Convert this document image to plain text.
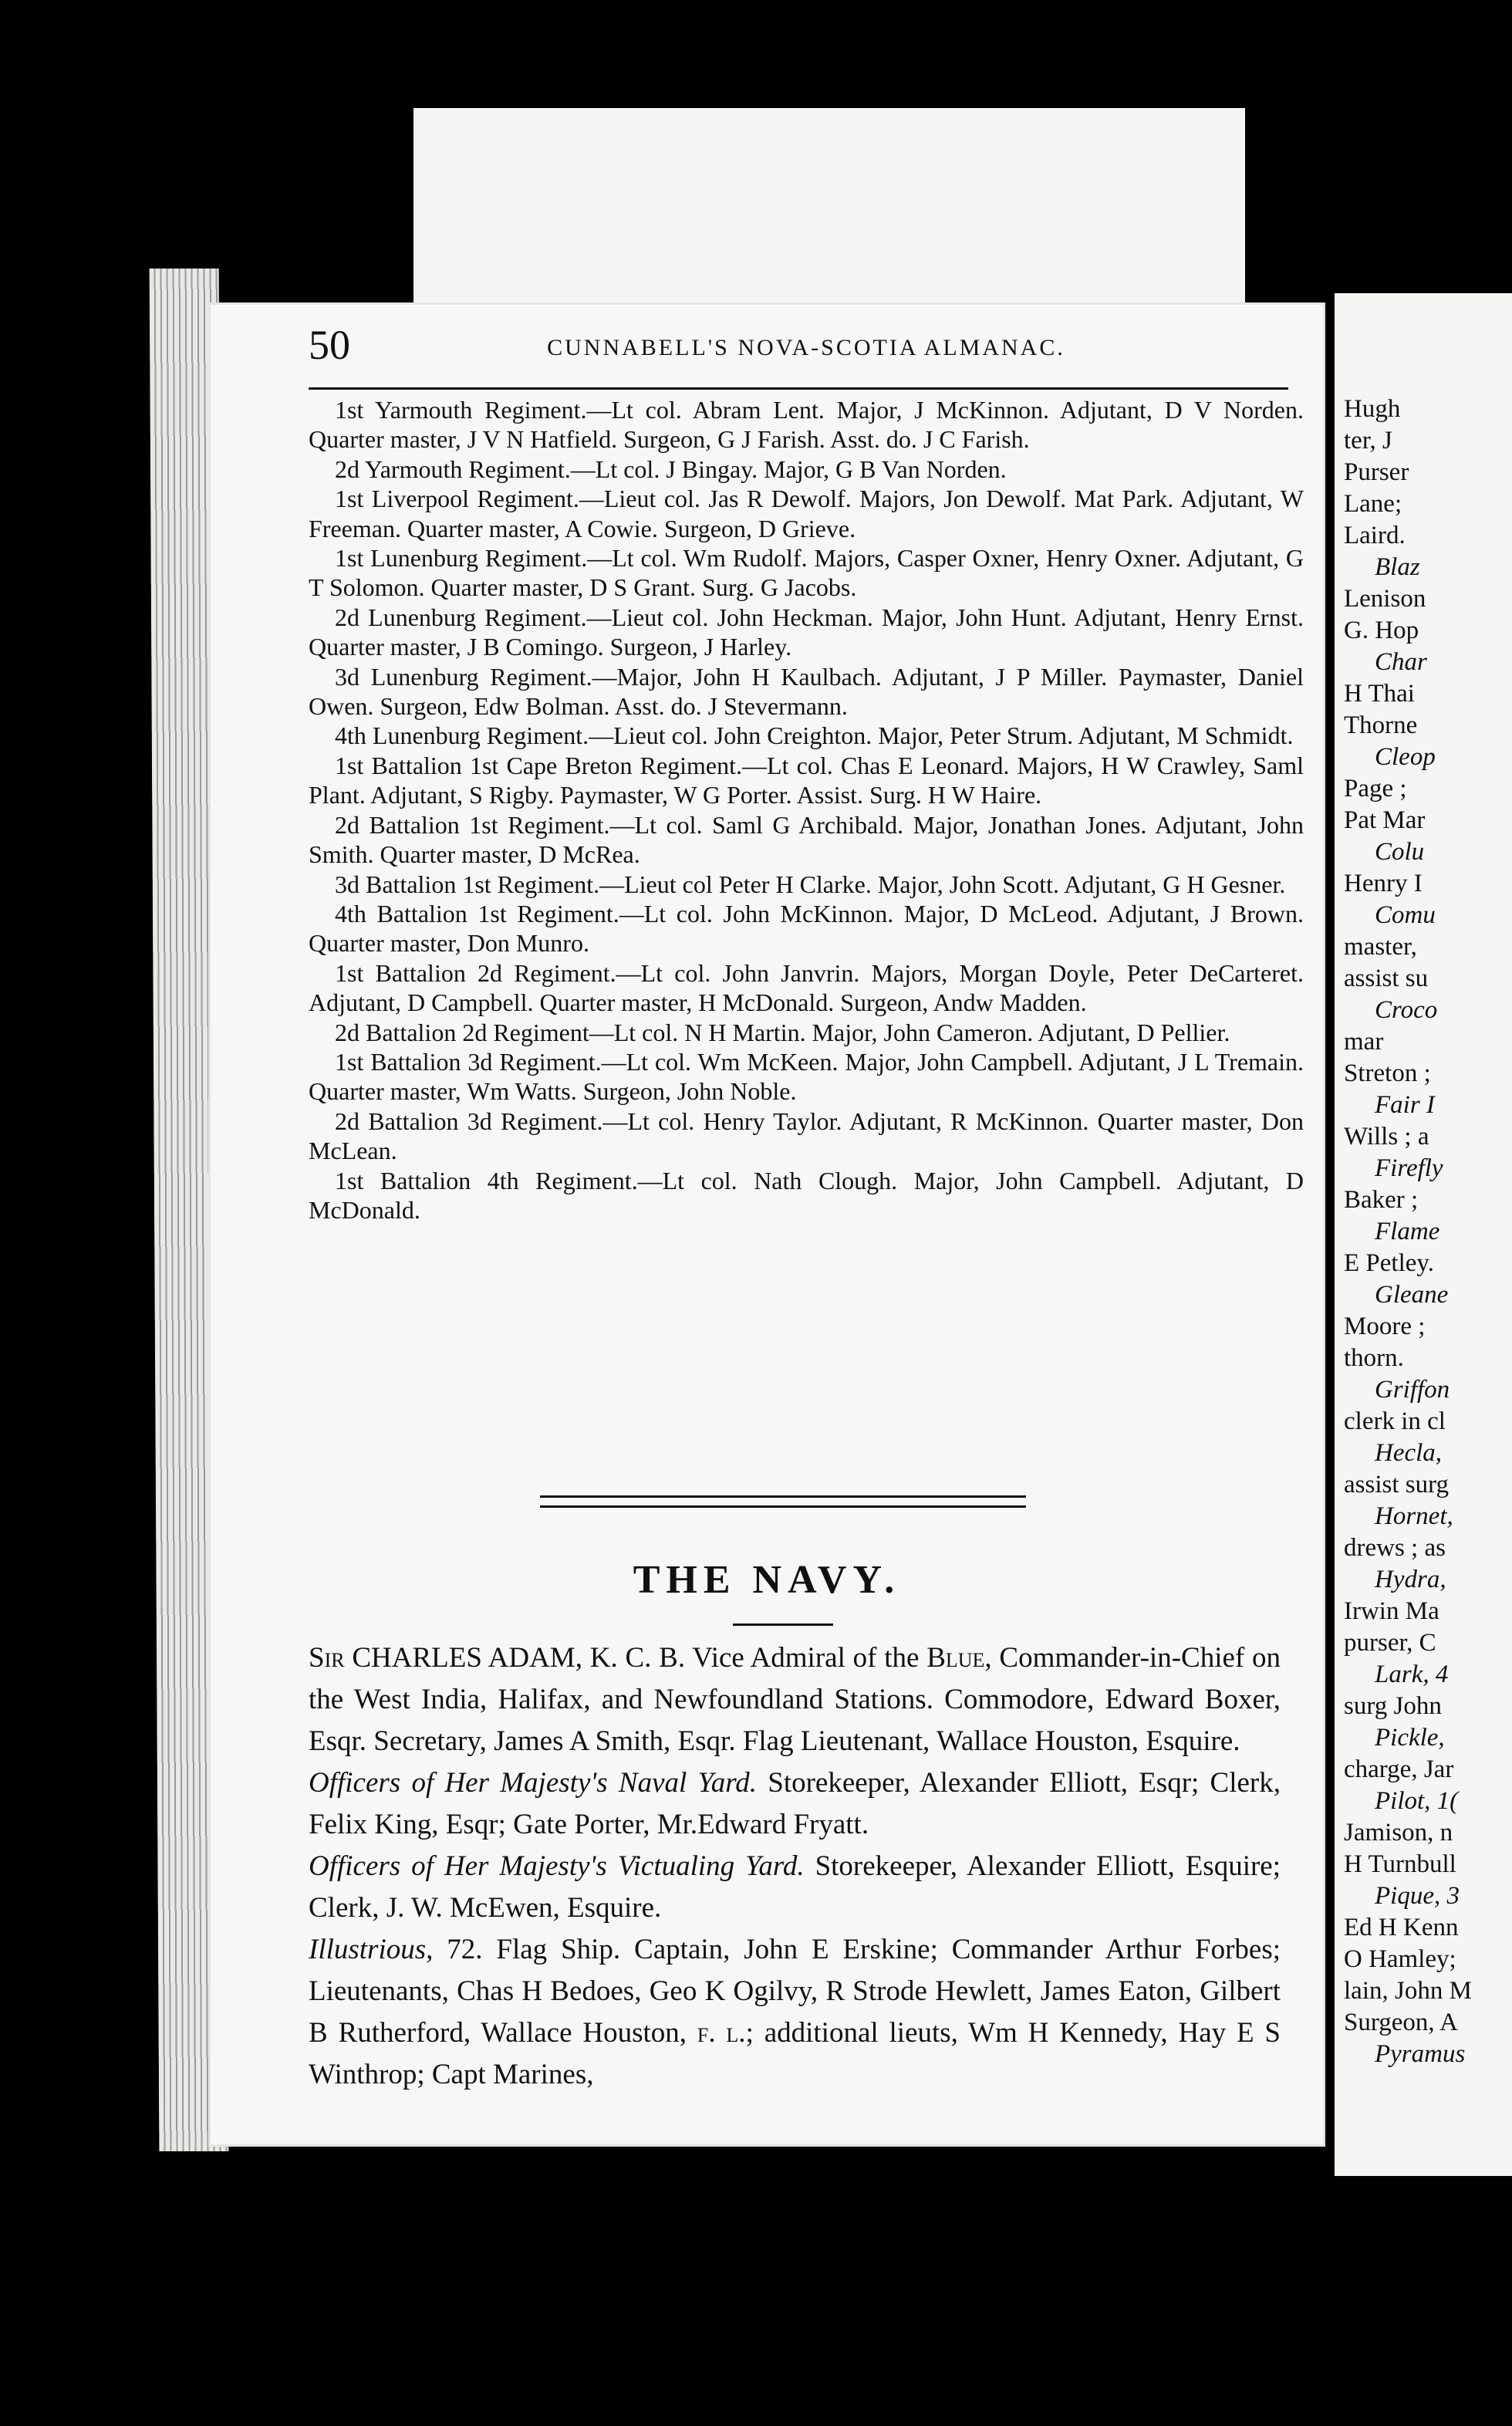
50	CUNNABELL'S NOVA-SCOTIA ALMANAC.

1st Yarmouth Regiment.—Lt col. Abram Lent. Major, J McKinnon. Adjutant, D V Norden. Quarter master, J V N Hatfield. Surgeon, G J Farish. Asst. do. J C Farish.

2d Yarmouth Regiment.—Lt col. J Bingay. Major, G B Van Norden.

1st Liverpool Regiment.—Lieut col. Jas R Dewolf. Majors, Jon Dewolf. Mat Park. Adjutant, W Freeman. Quarter master, A Cowie. Surgeon, D Grieve.

1st Lunenburg Regiment.—Lt col. Wm Rudolf. Majors, Casper Oxner, Henry Oxner. Adjutant, G T Solomon. Quarter master, D S Grant. Surg. G Jacobs.

2d Lunenburg Regiment.—Lieut col. John Heckman. Major, John Hunt. Adjutant, Henry Ernst. Quarter master, J B Comingo. Surgeon, J Harley.

3d Lunenburg Regiment.—Major, John H Kaulbach. Adjutant, J P Miller. Paymaster, Daniel Owen. Surgeon, Edw Bolman. Asst. do. J Stevermann.

4th Lunenburg Regiment.—Lieut col. John Creighton. Major, Peter Strum. Adjutant, M Schmidt.

1st Battalion 1st Cape Breton Regiment.—Lt col. Chas E Leonard. Majors, H W Crawley, Saml Plant. Adjutant, S Rigby. Paymaster, W G Porter. Assist. Surg. H W Haire.

2d Battalion 1st Regiment.—Lt col. Saml G Archibald. Major, Jonathan Jones. Adjutant, John Smith. Quarter master, D McRea.

3d Battalion 1st Regiment.—Lieut col Peter H Clarke. Major, John Scott. Adjutant, G H Gesner.

4th Battalion 1st Regiment.—Lt col. John McKinnon. Major, D McLeod. Adjutant, J Brown. Quarter master, Don Munro.

1st Battalion 2d Regiment.—Lt col. John Janvrin. Majors, Morgan Doyle, Peter DeCarteret. Adjutant, D Campbell. Quarter master, H McDonald. Surgeon, Andw Madden.

2d Battalion 2d Regiment—Lt col. N H Martin. Major, John Cameron. Adjutant, D Pellier.

1st Battalion 3d Regiment.—Lt col. Wm McKeen. Major, John Campbell. Adjutant, J L Tremain. Quarter master, Wm Watts. Surgeon, John Noble.

2d Battalion 3d Regiment.—Lt col. Henry Taylor. Adjutant, R McKinnon. Quarter master, Don McLean.

1st Battalion 4th Regiment.—Lt col. Nath Clough. Major, John Campbell. Adjutant, D McDonald.

THE NAVY.

Sir CHARLES ADAM, K. C. B. Vice Admiral of the Blue, Commander-in-Chief on the West India, Halifax, and Newfoundland Stations. Commodore, Edward Boxer, Esqr. Secretary, James A Smith, Esqr. Flag Lieutenant, Wallace Houston, Esquire.

Officers of Her Majesty's Naval Yard. Storekeeper, Alexander Elliott, Esqr; Clerk, Felix King, Esqr; Gate Porter, Mr.Edward Fryatt.

Officers of Her Majesty's Victualing Yard. Storekeeper, Alexander Elliott, Esquire; Clerk, J. W. McEwen, Esquire.

Illustrious, 72. Flag Ship. Captain, John E Erskine; Commander Arthur Forbes; Lieutenants, Chas H Bedoes, Geo K Ogilvy, R Strode Hewlett, James Eaton, Gilbert B Rutherford, Wallace Houston, f. l.; additional lieuts, Wm H Kennedy, Hay E S Winthrop; Capt Marines,

Hugh
ter, J
Purser
Lane;
Laird.
Blaz
Lenison
G. Hop
Char
H Thai
Thorne
Cleop
Page ;
Pat Mar
Colu
Henry I
Comu
master,
assist su
Croco
mar
Streton ;
Fair I
Wills ; a
Firefly
Baker ;
Flame
E Petley.
Gleane
Moore ;
thorn.
Griffon
clerk in cl
Hecla,
assist surg
Hornet,
drews ; as
Hydra,
Irwin Ma
purser, C
Lark, 4
surg John
Pickle,
charge, Jar
Pilot, 1(
Jamison, n
H Turnbull
Pique, 3
Ed H Kenn
O Hamley;
lain, John M
Surgeon, A
Pyramus
